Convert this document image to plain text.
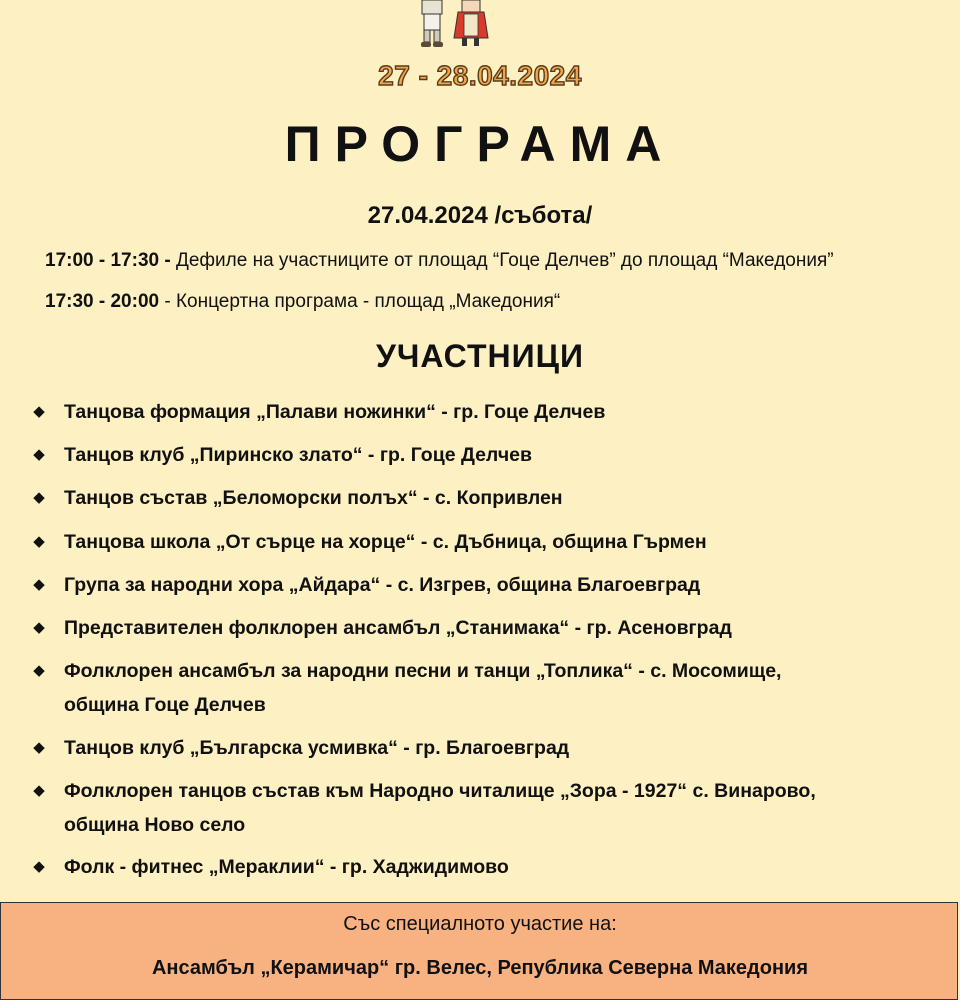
27 - 28.04.2024
ПРОГРАМА
27.04.2024 /събота/
17:00 - 17:30 - Дефиле на участниците от площад “Гоце Делчев” до площад “Македония”
17:30 - 20:00 - Концертна програма - площад „Македония“
УЧАСТНИЦИ
◆ Танцова формация „Палави ножинки“ - гр. Гоце Делчев
◆ Танцов клуб „Пиринско злато“ - гр. Гоце Делчев
◆ Танцов състав „Беломорски полъх“ - с. Копривлен
◆ Танцова школа „От сърце на хорце“ - с. Дъбница, община Гърмен
◆ Група за народни хора „Айдара“ - с. Изгрев, община Благоевград
◆ Представителен фолклорен ансамбъл „Станимака“ - гр. Асеновград
◆ Фолклорен ансамбъл за народни песни и танци „Топлика“ - с. Мосомище,
община Гоце Делчев
◆ Танцов клуб „Българска усмивка“ - гр. Благоевград
◆ Фолклорен танцов състав към Народно читалище „Зора - 1927“ с. Винарово,
община Ново село
◆ Фолк - фитнес „Мераклии“ - гр. Хаджидимово
Със специалното участие на:
Ансамбъл „Керамичар“ гр. Велес, Република Северна Македония
